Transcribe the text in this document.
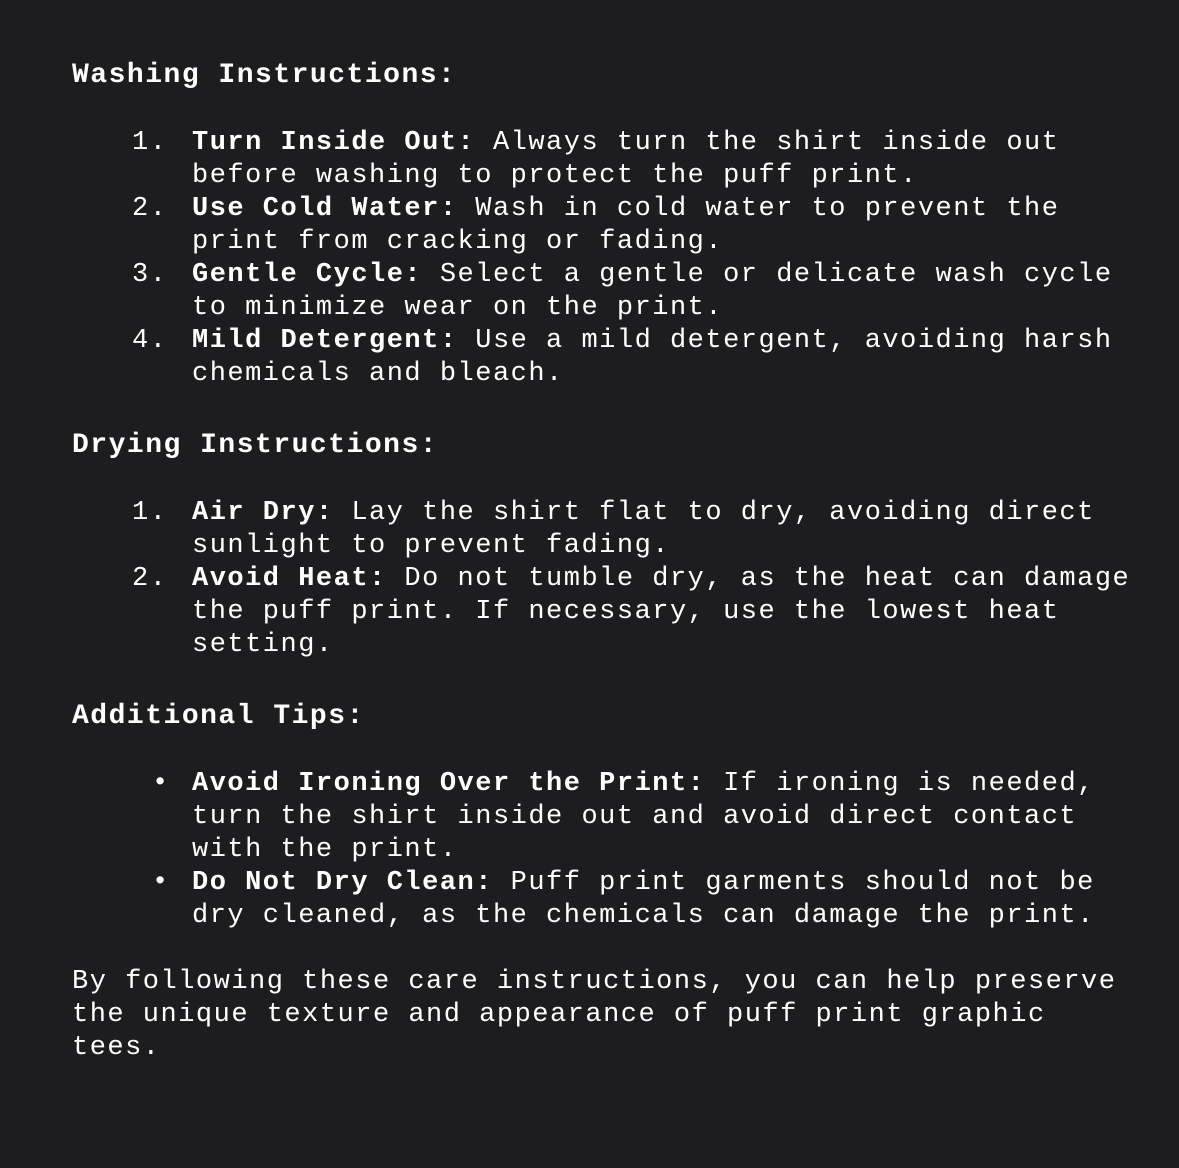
Washing Instructions:
1. Turn Inside Out: Always turn the shirt inside out before washing to protect the puff print.
2. Use Cold Water: Wash in cold water to prevent the print from cracking or fading.
3. Gentle Cycle: Select a gentle or delicate wash cycle to minimize wear on the print.
4. Mild Detergent: Use a mild detergent, avoiding harsh chemicals and bleach.
Drying Instructions:
1. Air Dry: Lay the shirt flat to dry, avoiding direct sunlight to prevent fading.
2. Avoid Heat: Do not tumble dry, as the heat can damage the puff print. If necessary, use the lowest heat setting.
Additional Tips:
• Avoid Ironing Over the Print: If ironing is needed, turn the shirt inside out and avoid direct contact with the print.
• Do Not Dry Clean: Puff print garments should not be dry cleaned, as the chemicals can damage the print.

By following these care instructions, you can help preserve the unique texture and appearance of puff print graphic tees.
